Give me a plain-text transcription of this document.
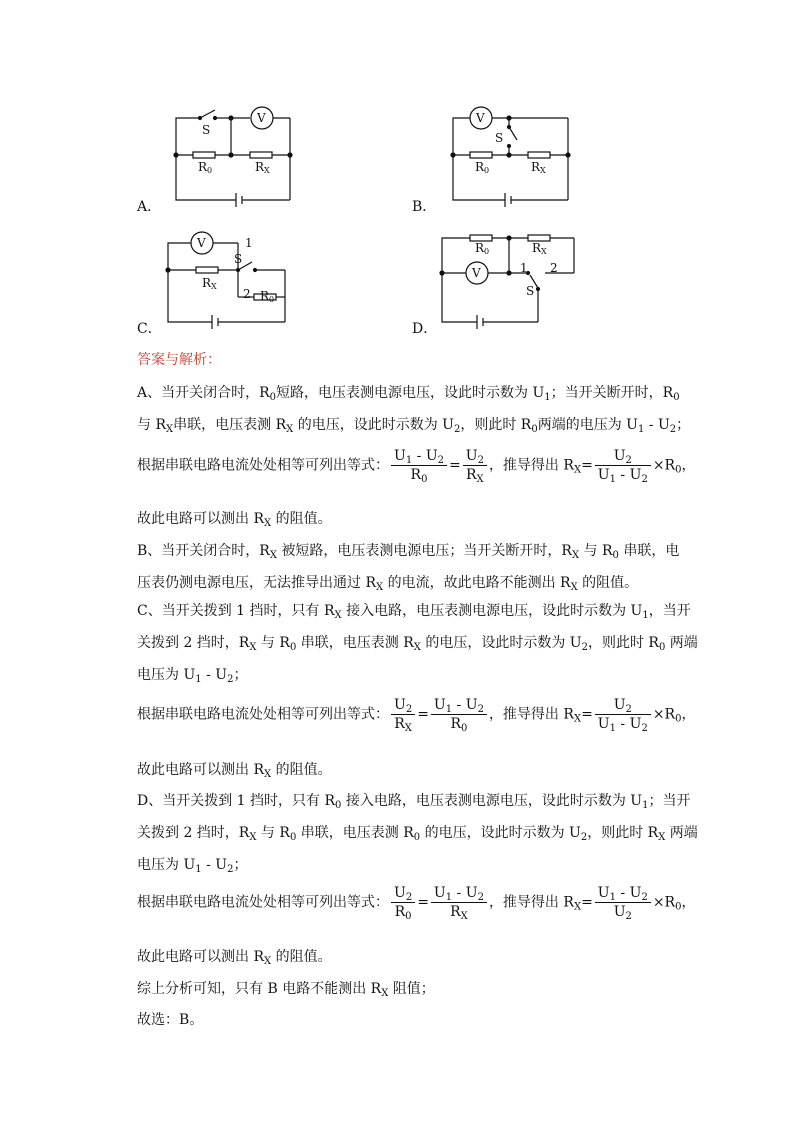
S
V
R0	RX
V
S
R0	RX
V	1
S
RX
2 R0
R0	RX
V	1 2
S
A．	B．
C．	D．
答案与解析：
A、当开关闭合时，$R_0$短路，电压表测电源电压，设此时示数为 $U_1$；当开关断开时，$R_0$
与 $R_X$串联，电压表测 $R_X$ 的电压，设此时示数为 $U_2$，则此时 $R_0$两端的电压为 $U_1 - U_2$；
根据串联电路电流处处相等可列出等式： $\frac{U_1 - U_2}{R_0} = \frac{U_2}{R_X}$ ，推导得出 $R_X= \frac{U_2}{U_1 - U_2} \times R_0$，
故此电路可以测出 $R_X$ 的阻值。
B、当开关闭合时，$R_X$ 被短路，电压表测电源电压；当开关断开时，$R_X$ 与 $R_0$ 串联，电
压表仍测电源电压，无法推导出通过 $R_X$ 的电流，故此电路不能测出 $R_X$ 的阻值。
C、当开关拨到 1 挡时，只有 $R_X$ 接入电路，电压表测电源电压，设此时示数为 $U_1$，当开
关拨到 2 挡时，$R_X$ 与 $R_0$ 串联，电压表测 $R_X$ 的电压，设此时示数为 $U_2$，则此时 $R_0$ 两端
电压为 $U_1 - U_2$；
根据串联电路电流处处相等可列出等式： $\frac{U_2}{R_X} = \frac{U_1 - U_2}{R_0}$ ，推导得出 $R_X= \frac{U_2}{U_1 - U_2} \times R_0$，
故此电路可以测出 $R_X$ 的阻值。
D、当开关拨到 1 挡时，只有 $R_0$ 接入电路，电压表测电源电压，设此时示数为 $U_1$；当开
关拨到 2 挡时，$R_X$ 与 $R_0$ 串联，电压表测 $R_0$ 的电压，设此时示数为 $U_2$，则此时 $R_X$ 两端
电压为 $U_1 - U_2$；
根据串联电路电流处处相等可列出等式： $\frac{U_2}{R_0} = \frac{U_1 - U_2}{R_X}$ ，推导得出 $R_X= \frac{U_1 - U_2}{U_2} \times R_0$，
故此电路可以测出 $R_X$ 的阻值。
综上分析可知，只有 B 电路不能测出 $R_X$ 阻值；
故选：B。
